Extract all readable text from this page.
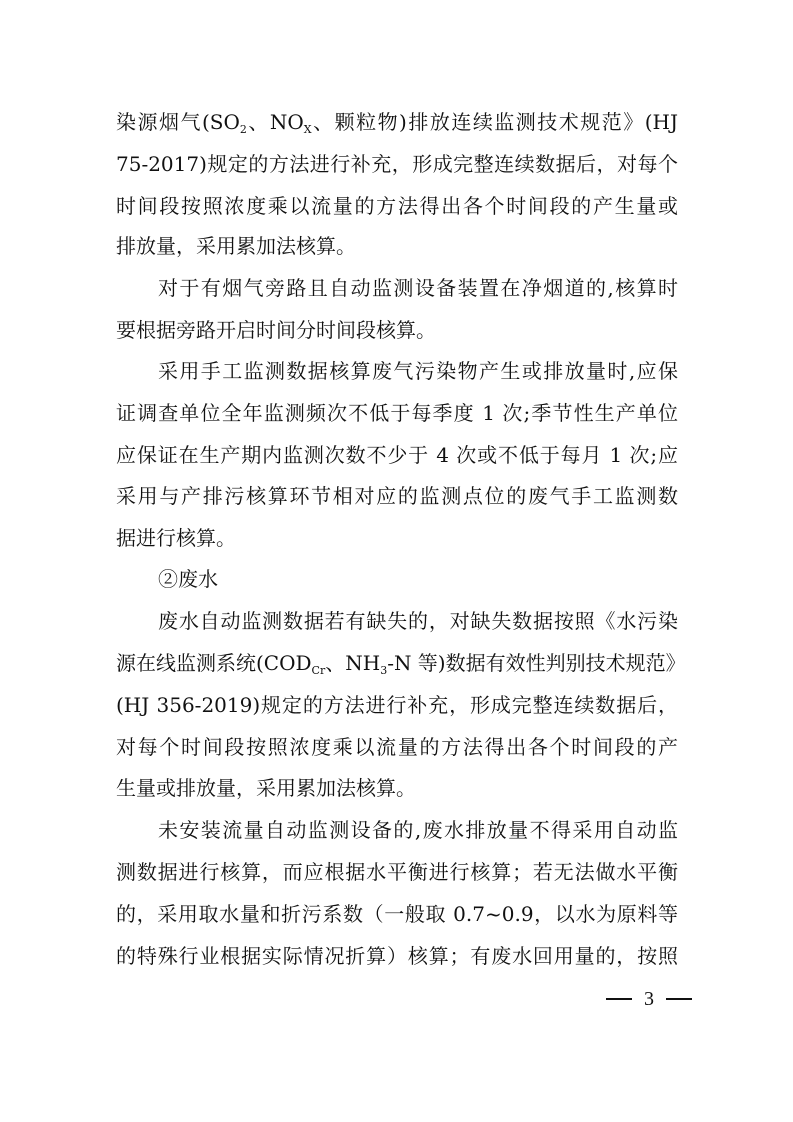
染源烟气($SO_2$、$NO_X$、颗粒物)排放连续监测技术规范》(HJ
75-2017)规定的方法进行补充，形成完整连续数据后，对每个
时间段按照浓度乘以流量的方法得出各个时间段的产生量或
排放量，采用累加法核算。
对于有烟气旁路且自动监测设备装置在净烟道的,核算时
要根据旁路开启时间分时间段核算。
采用手工监测数据核算废气污染物产生或排放量时,应保
证调查单位全年监测频次不低于每季度 1 次;季节性生产单位
应保证在生产期内监测次数不少于 4 次或不低于每月 1 次;应
采用与产排污核算环节相对应的监测点位的废气手工监测数
据进行核算。
②废水
废水自动监测数据若有缺失的，对缺失数据按照《水污染
源在线监测系统($COD_{Cr}$、$NH_3-N$ 等)数据有效性判别技术规范》
(HJ 356-2019)规定的方法进行补充，形成完整连续数据后，
对每个时间段按照浓度乘以流量的方法得出各个时间段的产
生量或排放量，采用累加法核算。
未安装流量自动监测设备的,废水排放量不得采用自动监
测数据进行核算，而应根据水平衡进行核算；若无法做水平衡
的，采用取水量和折污系数（一般取 0.7~0.9，以水为原料等
的特殊行业根据实际情况折算）核算；有废水回用量的，按照
3
